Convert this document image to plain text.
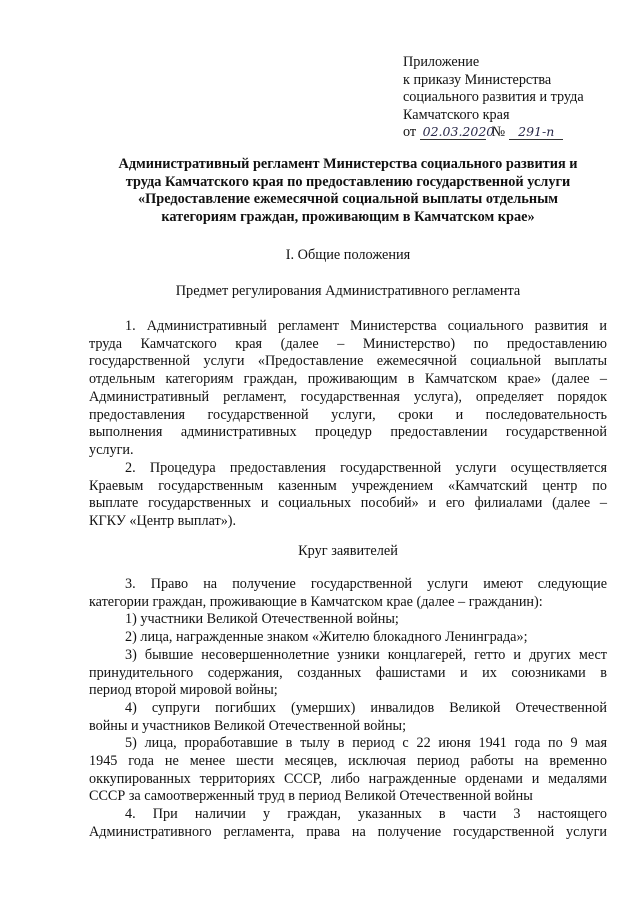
Приложение
к приказу Министерства
социального развития и труда
Камчатского края
от 02.03.2020№ 291-п
Административный регламент Министерства социального развития и
труда Камчатского края по предоставлению государственной услуги
«Предоставление ежемесячной социальной выплаты отдельным
категориям граждан, проживающим в Камчатском крае»
I. Общие положения
Предмет регулирования Административного регламента
1. Административный регламент Министерства социального развития и
труда Камчатского края (далее – Министерство) по предоставлению
государственной услуги «Предоставление ежемесячной социальной выплаты
отдельным категориям граждан, проживающим в Камчатском крае» (далее –
Административный регламент, государственная услуга), определяет порядок
предоставления государственной услуги, сроки и последовательность
выполнения административных процедур предоставлении государственной
услуги.
2. Процедура предоставления государственной услуги осуществляется
Краевым государственным казенным учреждением «Камчатский центр по
выплате государственных и социальных пособий» и его филиалами (далее –
КГКУ «Центр выплат»).
Круг заявителей
3. Право на получение государственной услуги имеют следующие
категории граждан, проживающие в Камчатском крае (далее – гражданин):
1) участники Великой Отечественной войны;
2) лица, награжденные знаком «Жителю блокадного Ленинграда»;
3) бывшие несовершеннолетние узники концлагерей, гетто и других мест
принудительного содержания, созданных фашистами и их союзниками в
период второй мировой войны;
4) супруги погибших (умерших) инвалидов Великой Отечественной
войны и участников Великой Отечественной войны;
5) лица, проработавшие в тылу в период с 22 июня 1941 года по 9 мая
1945 года не менее шести месяцев, исключая период работы на временно
оккупированных территориях СССР, либо награжденные орденами и медалями
СССР за самоотверженный труд в период Великой Отечественной войны
4. При наличии у граждан, указанных в части 3 настоящего
Административного регламента, права на получение государственной услуги
